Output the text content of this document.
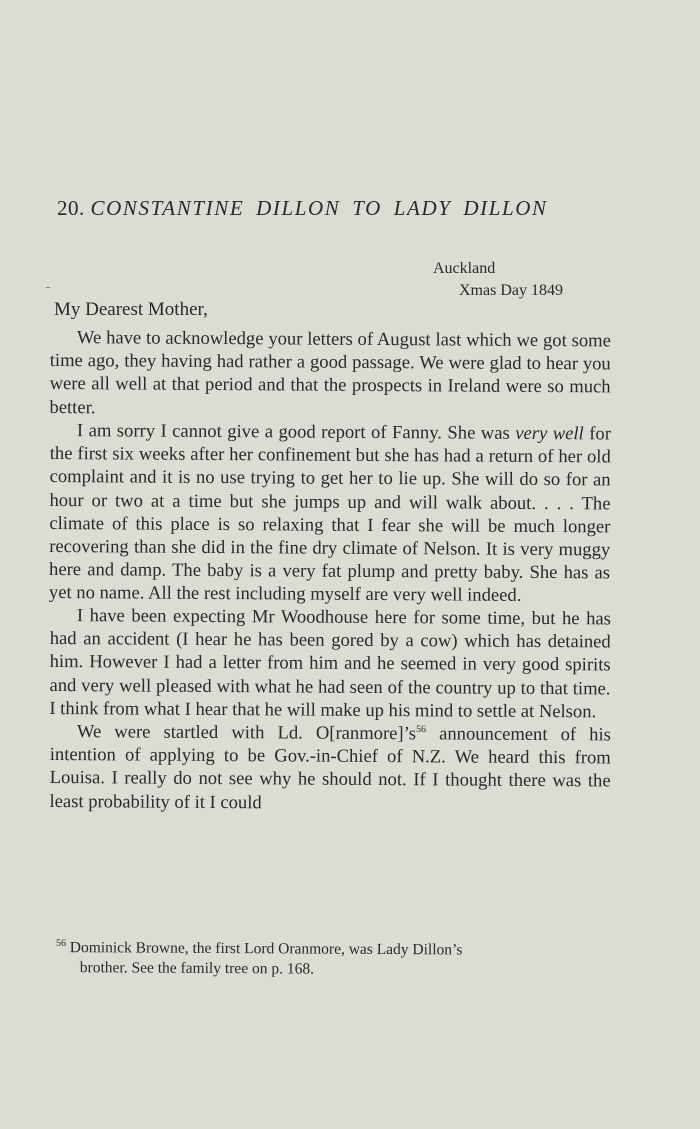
20. CONSTANTINE DILLON TO LADY DILLON
Auckland
Xmas Day 1849
My Dearest Mother,

We have to acknowledge your letters of August last which we got some time ago, they having had rather a good passage. We were glad to hear you were all well at that period and that the prospects in Ireland were so much better.

I am sorry I cannot give a good report of Fanny. She was very well for the first six weeks after her confinement but she has had a return of her old complaint and it is no use trying to get her to lie up. She will do so for an hour or two at a time but she jumps up and will walk about. . . . The climate of this place is so relaxing that I fear she will be much longer recovering than she did in the fine dry climate of Nelson. It is very muggy here and damp. The baby is a very fat plump and pretty baby. She has as yet no name. All the rest including myself are very well indeed.

I have been expecting Mr Woodhouse here for some time, but he has had an accident (I hear he has been gored by a cow) which has detained him. However I had a letter from him and he seemed in very good spirits and very well pleased with what he had seen of the country up to that time. I think from what I hear that he will make up his mind to settle at Nelson.

We were startled with Ld. $O[ranmore]’s^{56}$ announcement of his intention of applying to be Gov.-in-Chief of N.Z. We heard this from Louisa. I really do not see why he should not. If I thought there was the least probability of it I could

$^{56}$ Dominick Browne, the first Lord Oranmore, was Lady Dillon’s
brother. See the family tree on p. 168.
